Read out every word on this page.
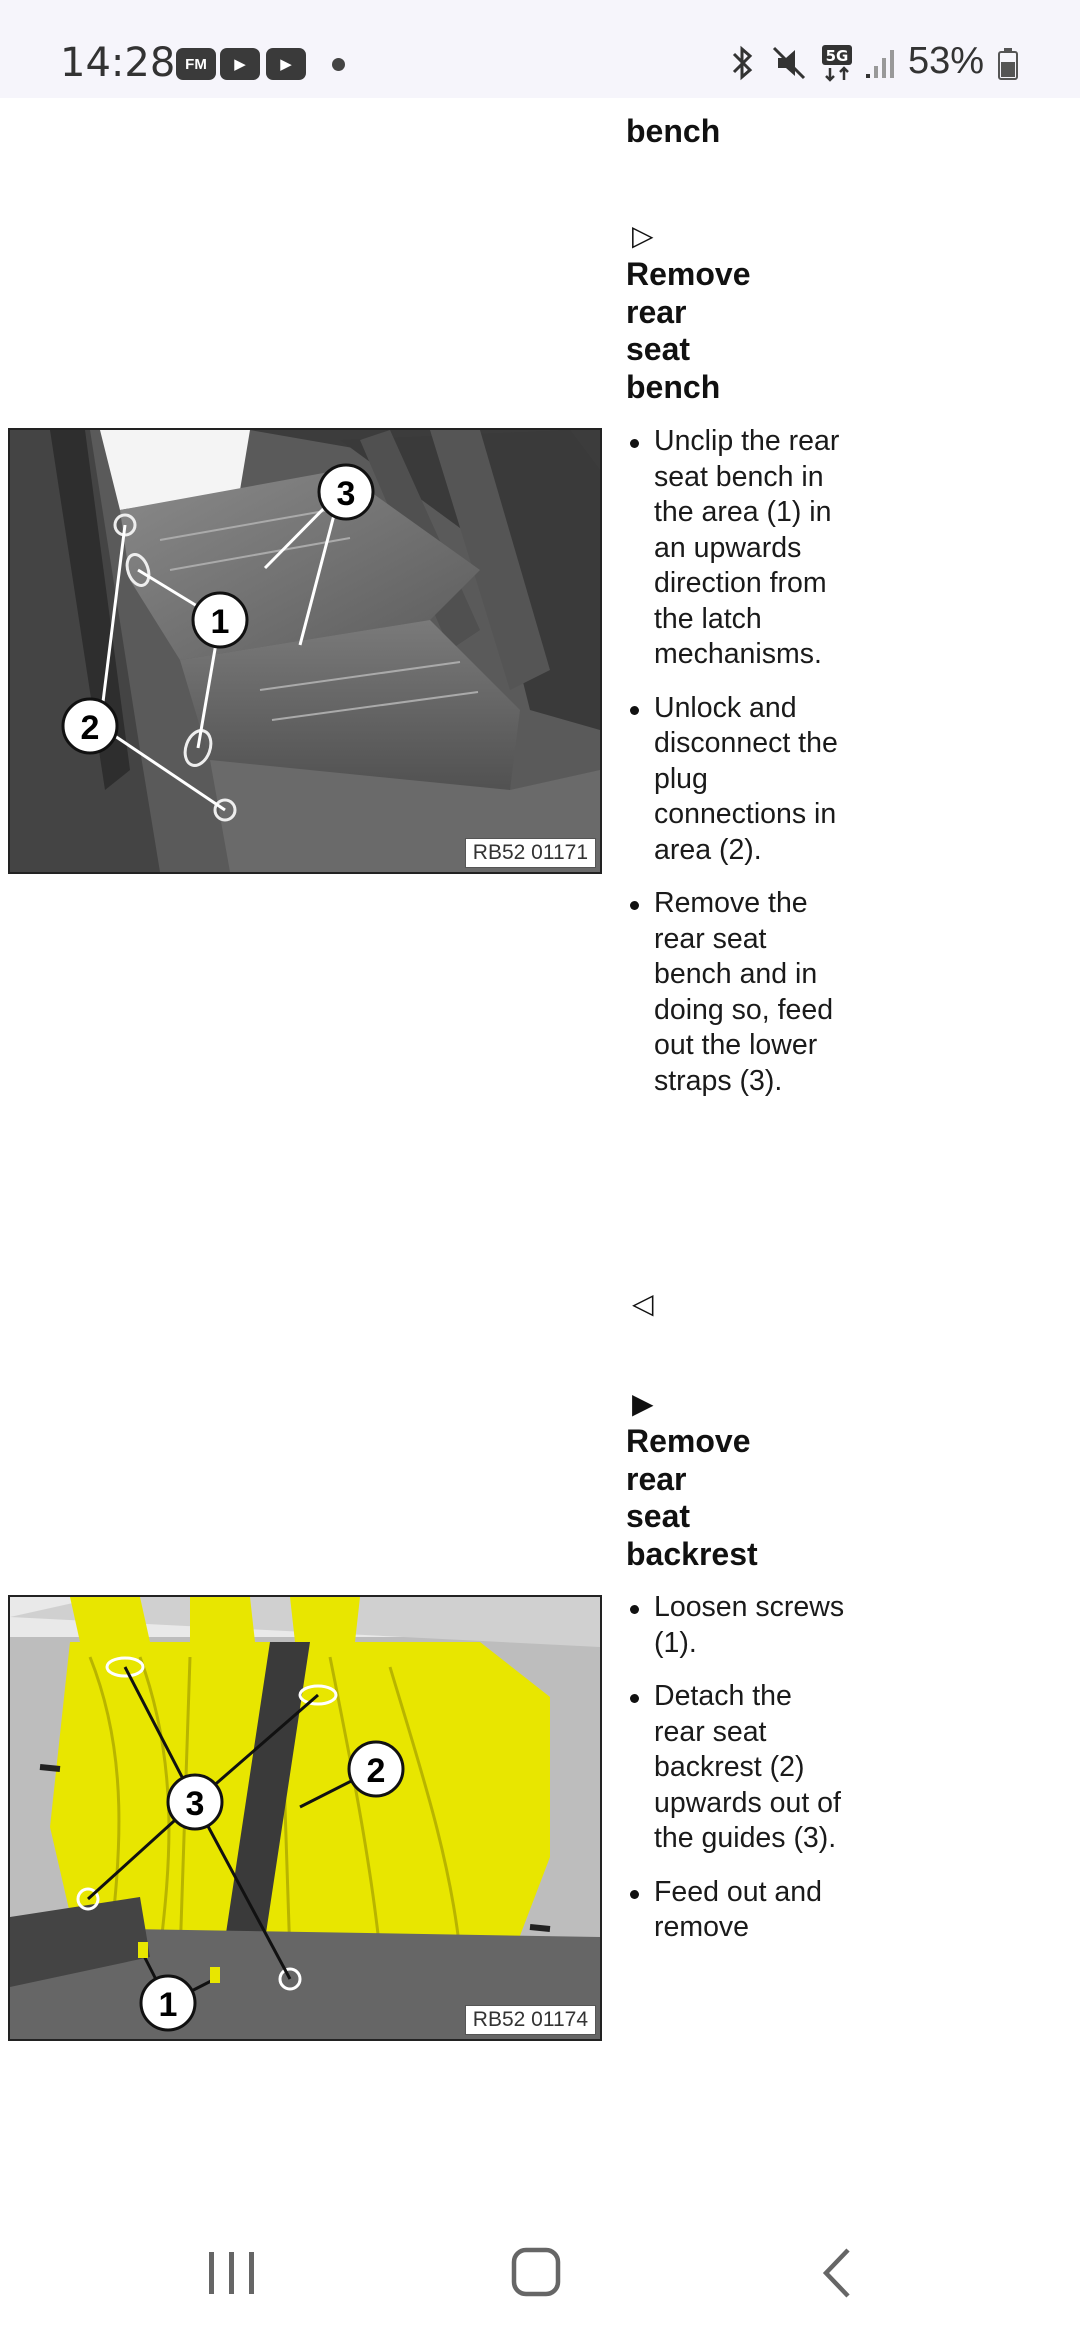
14:28 FM	▶	▶	5G 53%
bench
▷
Remove
rear
seat
bench
1
2
3
RB52 01171
Unclip the rear seat bench in the area (1) in an upwards direction from the latch mechanisms.
Unlock and disconnect the plug connections in area (2).
Remove the rear seat bench and in doing so, feed out the lower straps (3).
◁
▶
Remove
rear
seat
backrest
1
2
3
RB52 01174
Loosen screws (1).
Detach the rear seat backrest (2) upwards out of the guides (3).
Feed out and remove
